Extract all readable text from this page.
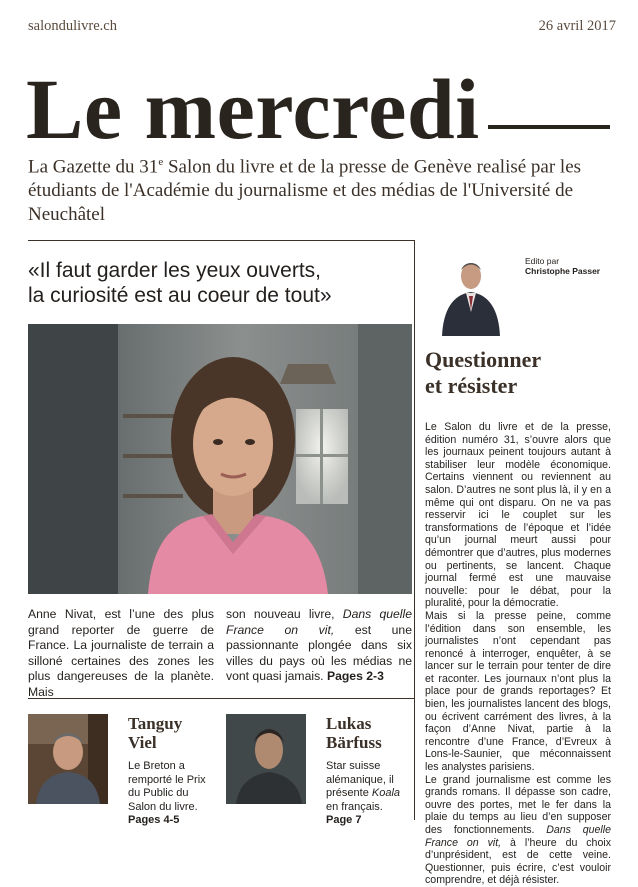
salondulivre.ch	26 avril 2017
Le mercredi
La Gazette du 31e Salon du livre et de la presse de Genève realisé par les étudiants de l'Académie du journalisme et des médias de l'Université de Neuchâtel
«Il faut garder les yeux ouverts,
la curiosité est au coeur de tout»
Anne Nivat, est l’une des plus grand reporter de guerre de France. La journaliste de terrain a silloné certaines des zones les plus dangereuses de la planète. Mais
son nouveau livre, Dans quelle France on vit, est une passionnante plongée dans six villes du pays où les médias ne vont quasi jamais. Pages 2-3
Tanguy
Viel
Le Breton a remporté le Prix du Public du Salon du livre. Pages 4-5
Lukas
Bärfuss
Star suisse alémanique, il présente Koala en français. Page 7
Edito par
Christophe Passer
Questionner
et résister

Le Salon du livre et de la presse, édition numéro 31, s’ouvre alors que les journaux peinent toujours autant à stabiliser leur modèle économique. Certains viennent ou reviennent au salon. D’autres ne sont plus là, il y en a même qui ont disparu. On ne va pas resservir ici le couplet sur les transformations de l’époque et l’idée qu’un journal meurt aussi pour démontrer que d’autres, plus modernes ou pertinents, se lancent. Chaque journal fermé est une mauvaise nouvelle: pour le débat, pour la pluralité, pour la démocratie.

Mais si la presse peine, comme l’édition dans son ensemble, les journalistes n’ont cependant pas renoncé à interroger, enquêter, à se lancer sur le terrain pour tenter de dire et raconter. Les journaux n’ont plus la place pour de grands reportages? Et bien, les journalistes lancent des blogs, ou écrivent carrément des livres, à la façon d’Anne Nivat, partie à la rencontre d’une France, d’Evreux à Lons-le-Saunier, que méconnaissent les analystes parisiens.

Le grand journalisme est comme les grands romans. Il dépasse son cadre, ouvre des portes, met le fer dans la plaie du temps au lieu d’en supposer des fonctionnements. Dans quelle France on vit, à l’heure du choix d’unprésident, est de cette veine. Questionner, puis écrire, c’est vouloir comprendre, et déjà résister.
